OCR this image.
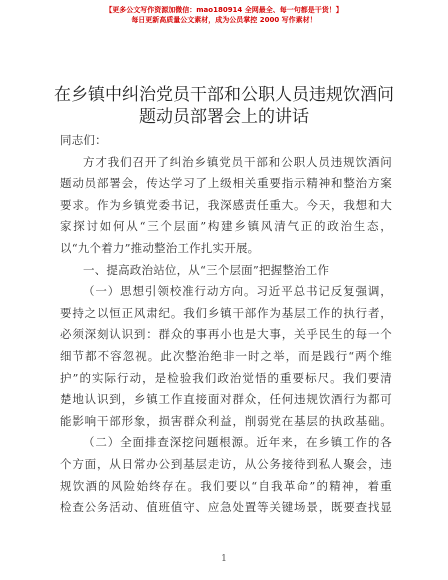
【更多公文写作资源加微信：mao180914 全网最全、每一句都是干货！】
每日更新高质量公文素材，成为公员掌控 2000 写作素材！
在乡镇中纠治党员干部和公职人员违规饮酒问
题动员部署会上的讲话
同志们：
方才我们召开了纠治乡镇党员干部和公职人员违规饮酒问
题动员部署会，传达学习了上级相关重要指示精神和整治方案
要求。作为乡镇党委书记，我深感责任重大。今天，我想和大
家探讨如何从“三个层面”构建乡镇风清气正的政治生态，
以“九个着力”推动整治工作扎实开展。
一、提高政治站位，从“三个层面”把握整治工作
（一）思想引领校准行动方向。习近平总书记反复强调，
要持之以恒正风肃纪。我们乡镇干部作为基层工作的执行者，
必须深刻认识到：群众的事再小也是大事，关乎民生的每一个
细节都不容忽视。此次整治绝非一时之举，而是践行“两个维
护”的实际行动，是检验我们政治觉悟的重要标尺。我们要清
楚地认识到，乡镇工作直接面对群众，任何违规饮酒行为都可
能影响干部形象，损害群众利益，削弱党在基层的执政基础。
（二）全面排查深挖问题根源。近年来，在乡镇工作的各
个方面，从日常办公到基层走访，从公务接待到私人聚会，违
规饮酒的风险始终存在。我们要以“自我革命”的精神，着重
检查公务活动、值班值守、应急处置等关键场景，既要查找显
1
